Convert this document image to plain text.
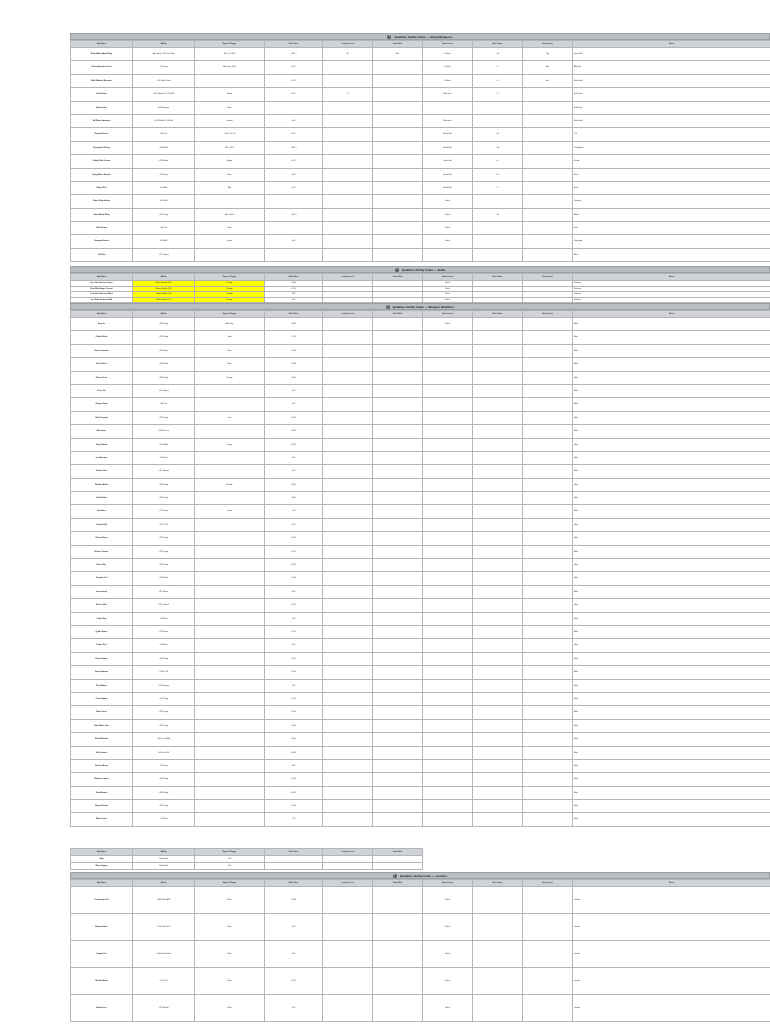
i	Qualities Ability Index — Ships/Weapons
Ship Name	Ability	Special Trigger	Buff Value	Lowest Level	Stack Buff	Stack Count	Misc Notes	Duration (s)	Notes
Ship Ability Alpha Wing	Aim Wing +10% Crit Dmg	30% Crit CHC	+10% /	80	Max	0 Stack	+10	Trig	Stack buff
Pollen Armada Cruiser	+3% Dmg	Aim ship / 50%	+5% /			0 Stack	+5	Act	Ally buff
Bold Warlock Dynamic	+3% Dmg / Heal		+3% /			0 Stack	+3	Act	Stack buff
Field Ghost	+25% Speed / +15% ATK	Evade	+3% /	+3		Buff stack	+3		Buff stack
Bunker Ace	Field Support	Aura							Buff stack
Tail Blaze Squadron	+6% Shield / +3% Hull	Lowest	+6%			Buff stack			Stack buff
Ranged Kensei	+6% Crit	+15% Crit / 8s	+6% /			Stack buff	+15		Crit
Flying Anvil Rising	+10% ATK	HP < 50%	+10% /			Stack buff	+10		Conditional
Fading Mist Gunner	+4% Evade	Dodge	+4% /			Stack buff	+4		Evade
Flying Blaze Breaker	+8% Dmg	Boss	+8% /			Stack buff	+8		Boss
Wing Chief	+5% ATK	Ally	+5% /			Stack buff	+5		Aura
Ghost Ring Anchor	+3% Hull					Stack			Defense
Saber Blade Wing	+12% Dmg	Aim / 30%	+12% /			Stack	+12		Attack
Solo Hunter	+4% Crit	Solo				Stack			Solo
Vanguard Lance	+6% ATK	Lance	+6%			Stack			Vanguard
Tail Pilot	+2% Speed								Misc
i	Qualities Ability Index — Buffs
Ship Name	Ability	Special Trigger	Buff Value	Lowest Level	Stack Buff	Stack Count	Misc Notes	Duration (s)	Notes
Iron Gate Garrison Dome	Yellow Shield +10%	Charge	+10%			Stack			Defense
Fleet Wide Aegis Cannon	Yellow Shield +12%	Charge	+12%			Stack			Defense
Iron Gate Garrison Ward	Yellow Shield +8%	Charge	+8%			Stack			Defense
Iron Gate Garrison Hold	Yellow Shield +6%	Charge	+6%			Stack			Defense
i	Qualities Ability Index — Weapon Modifiers
Ship Name	Ability	Special Trigger	Buff Value	Lowest Level	Stack Buff	Stack Count	Misc Notes	Duration (s)	Notes
Arcanic	+30% Dmg	Aim Ship	+30%			Stack			Mod
Orbital Strike	+15% Dmg	Orbit	+15%						Mod
Flame Launcher	+10% Burn	Burn	+10%						Mod
Frost Barrel	+10% Slow	Slow	+10%						Mod
Plasma Core	+20% Dmg	Charge	+20%						Mod
Pulse Jet	+5% Speed		+5%						Mod
Stinger Array	+8% Crit		+8%						Mod
Helix Torpedo	+12% Dmg	Lock	+12%						Mod
Rail Lance	+18% Pierce		+18%						Mod
Siege Mortar	+25% AoE	Siege	+25%						Mod
Ion Repeater	+6% Rate		+6%						Mod
Scatter Gun	+9% Spread		+9%						Mod
Shadow Blade	+14% Dmg	Stealth	+14%						Mod
Void Emitter	+16% Dmg		+16%						Mod
Arc Beam	+7% Chain	Chain	+7%						Mod
Gravity Well	+11% Pull		+11%						Mod
Photon Burst	+13% Dmg		+13%						Mod
Meteor Cannon	+22% Dmg		+22%						Mod
Nova Flare	+19% Dmg		+19%						Mod
Tempest Coil	+10% Rate		+10%						Mod
Lance Array	+8% Pierce		+8%						Mod
Storm Caller	+12% Shock		+12%						Mod
Cinder Ray	+9% Burn		+9%						Mod
Quake Driver	+15% Stun		+15%						Mod
Ember Pod	+6% Burn		+6%						Mod
Razor Swarm	+11% Dmg		+11%						Mod
Vortex Spinner	+10% Pull		+10%						Mod
Flux Battery	+5% Energy		+5%						Mod
Comet Spear	+17% Dmg		+17%						Mod
Solar Lance	+20% Dmg		+20%						Mod
Dark Matter Gun	+24% Dmg		+24%						Mod
Shield Breaker	+30% vs Shield		+30%						Mod
Hull Cracker	+30% vs Hull		+30%						Mod
Sentinel Array	+8% Dmg		+8%						Mod
Phantom Lancer	+12% Dmg		+12%						Mod
Titan Breaker	+26% Dmg		+26%						Mod
Rogue Rocket	+10% Dmg		+10%						Mod
Blaze Turret	+7% Burn		+7%						Mod
Ship Name	Ability	Special Trigger	Buff Value	Lowest Level	Stack Buff
Ship	Stack Buff	+5%			
Wing Support	Stack Buff	+3%			
i	Qualities Ability Index — Leaders
Ship Name	Ability	Special Trigger	Buff Value	Lowest Level	Stack Buff	Stack Count	Misc Notes	Duration (s)	Notes
Commander Sol	+10% Fleet ATK	Fleet	+10%			Stack			Leader
Admiral Varro	+8% Fleet Hull	Fleet	+8%			Stack			Leader
Captain Iris	+6% Fleet Speed	Fleet	+6%			Stack			Leader
Marshal Kade	+12% Crit	Fleet	+12%			Stack			Leader
Warden Lys	+9% Shield	Fleet	+9%			Stack			Leader
